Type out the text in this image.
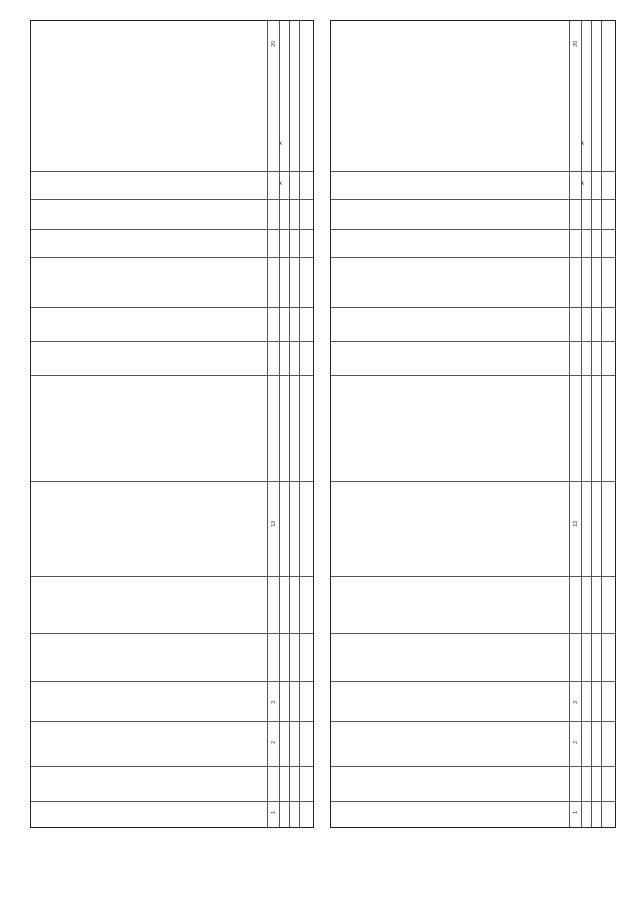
1
2
3
13
20
x
x
1
2
3
13
20
x
x
